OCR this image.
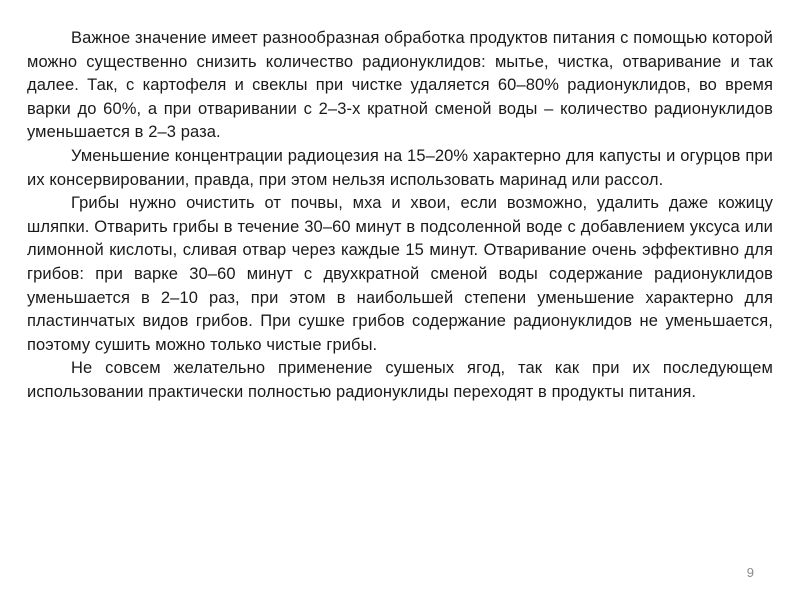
Важное значение имеет разнообразная обработка продуктов питания с помощью которой можно существенно снизить количество радионуклидов: мытье, чистка, отваривание и так далее. Так, с картофеля и свеклы при чистке удаляется 60–80% радионуклидов, во время варки до 60%, а при отваривании с 2–3-х кратной сменой воды – количество радионуклидов уменьшается в 2–3 раза.

Уменьшение концентрации радиоцезия на 15–20% характерно для капусты и огурцов при их консервировании, правда, при этом нельзя использовать маринад или рассол.

Грибы нужно очистить от почвы, мха и хвои, если возможно, удалить даже кожицу шляпки. Отварить грибы в течение 30–60 минут в подсоленной воде с добавлением уксуса или лимонной кислоты, сливая отвар через каждые 15 минут. Отваривание очень эффективно для грибов: при варке 30–60 минут с двухкратной сменой воды содержание радионуклидов уменьшается в 2–10 раз, при этом в наибольшей степени уменьшение характерно для пластинчатых видов грибов. При сушке грибов содержание радионуклидов не уменьшается, поэтому сушить можно только чистые грибы.

Не совсем желательно применение сушеных ягод, так как при их последующем использовании практически полностью радионуклиды переходят в продукты питания.

9
